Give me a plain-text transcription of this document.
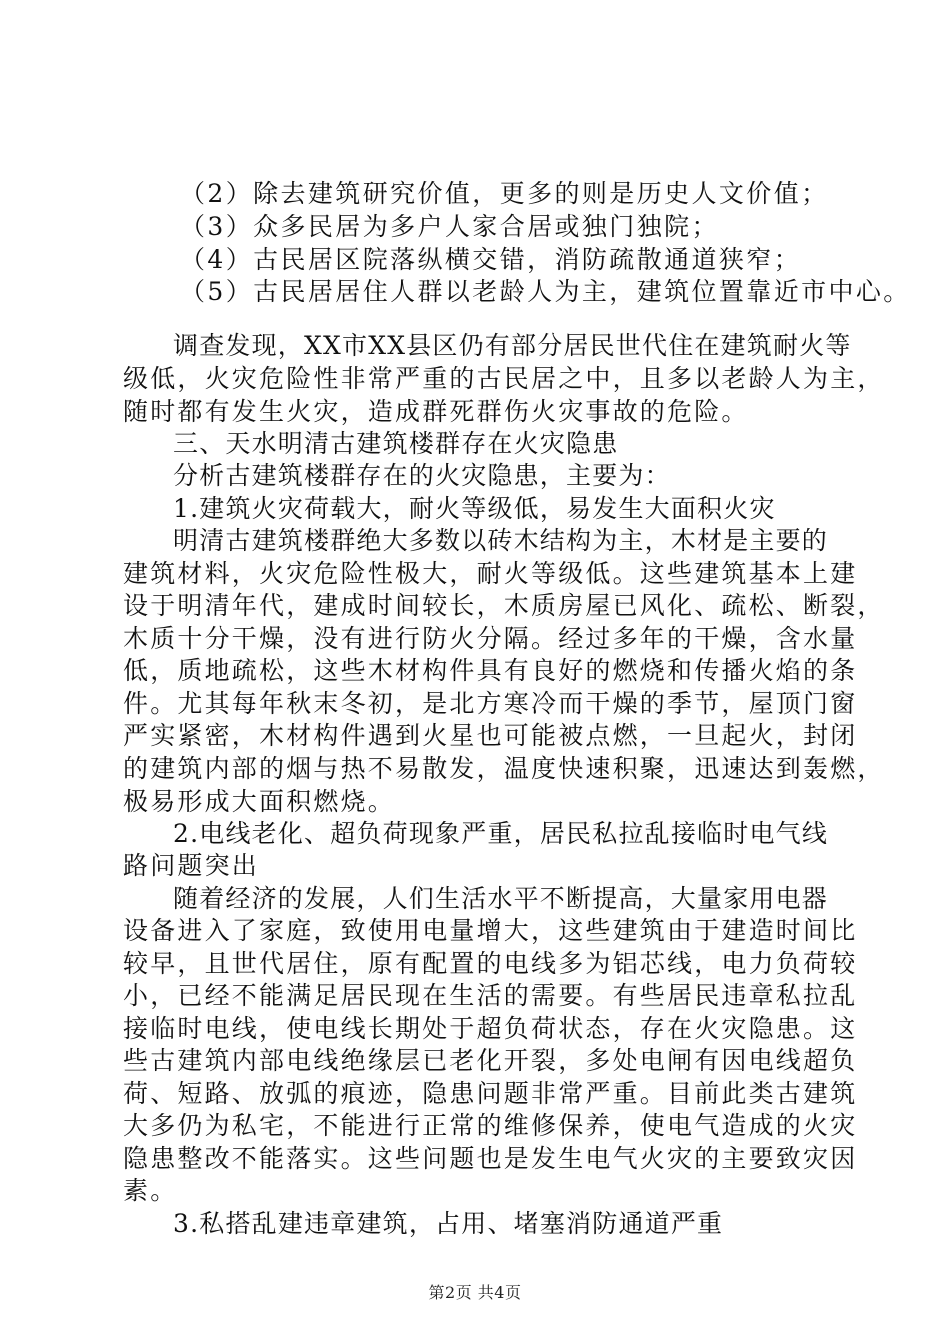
（2）除去建筑研究价值，更多的则是历史人文价值；
（3）众多民居为多户人家合居或独门独院；
（4）古民居区院落纵横交错，消防疏散通道狭窄；
（5）古民居居住人群以老龄人为主，建筑位置靠近市中心。
调查发现，XX市XX县区仍有部分居民世代住在建筑耐火等
级低，火灾危险性非常严重的古民居之中，且多以老龄人为主，
随时都有发生火灾，造成群死群伤火灾事故的危险。
三、天水明清古建筑楼群存在火灾隐患
分析古建筑楼群存在的火灾隐患，主要为：
1.建筑火灾荷载大，耐火等级低，易发生大面积火灾
明清古建筑楼群绝大多数以砖木结构为主，木材是主要的
建筑材料，火灾危险性极大，耐火等级低。这些建筑基本上建
设于明清年代，建成时间较长，木质房屋已风化、疏松、断裂，
木质十分干燥，没有进行防火分隔。经过多年的干燥，含水量
低，质地疏松，这些木材构件具有良好的燃烧和传播火焰的条
件。尤其每年秋末冬初，是北方寒冷而干燥的季节，屋顶门窗
严实紧密，木材构件遇到火星也可能被点燃，一旦起火，封闭
的建筑内部的烟与热不易散发，温度快速积聚，迅速达到轰燃，
极易形成大面积燃烧。
2.电线老化、超负荷现象严重，居民私拉乱接临时电气线
路问题突出
随着经济的发展，人们生活水平不断提高，大量家用电器
设备进入了家庭，致使用电量增大，这些建筑由于建造时间比
较早，且世代居住，原有配置的电线多为铝芯线，电力负荷较
小，已经不能满足居民现在生活的需要。有些居民违章私拉乱
接临时电线，使电线长期处于超负荷状态，存在火灾隐患。这
些古建筑内部电线绝缘层已老化开裂，多处电闸有因电线超负
荷、短路、放弧的痕迹，隐患问题非常严重。目前此类古建筑
大多仍为私宅，不能进行正常的维修保养，使电气造成的火灾
隐患整改不能落实。这些问题也是发生电气火灾的主要致灾因
素。
3.私搭乱建违章建筑，占用、堵塞消防通道严重
第2页 共4页
